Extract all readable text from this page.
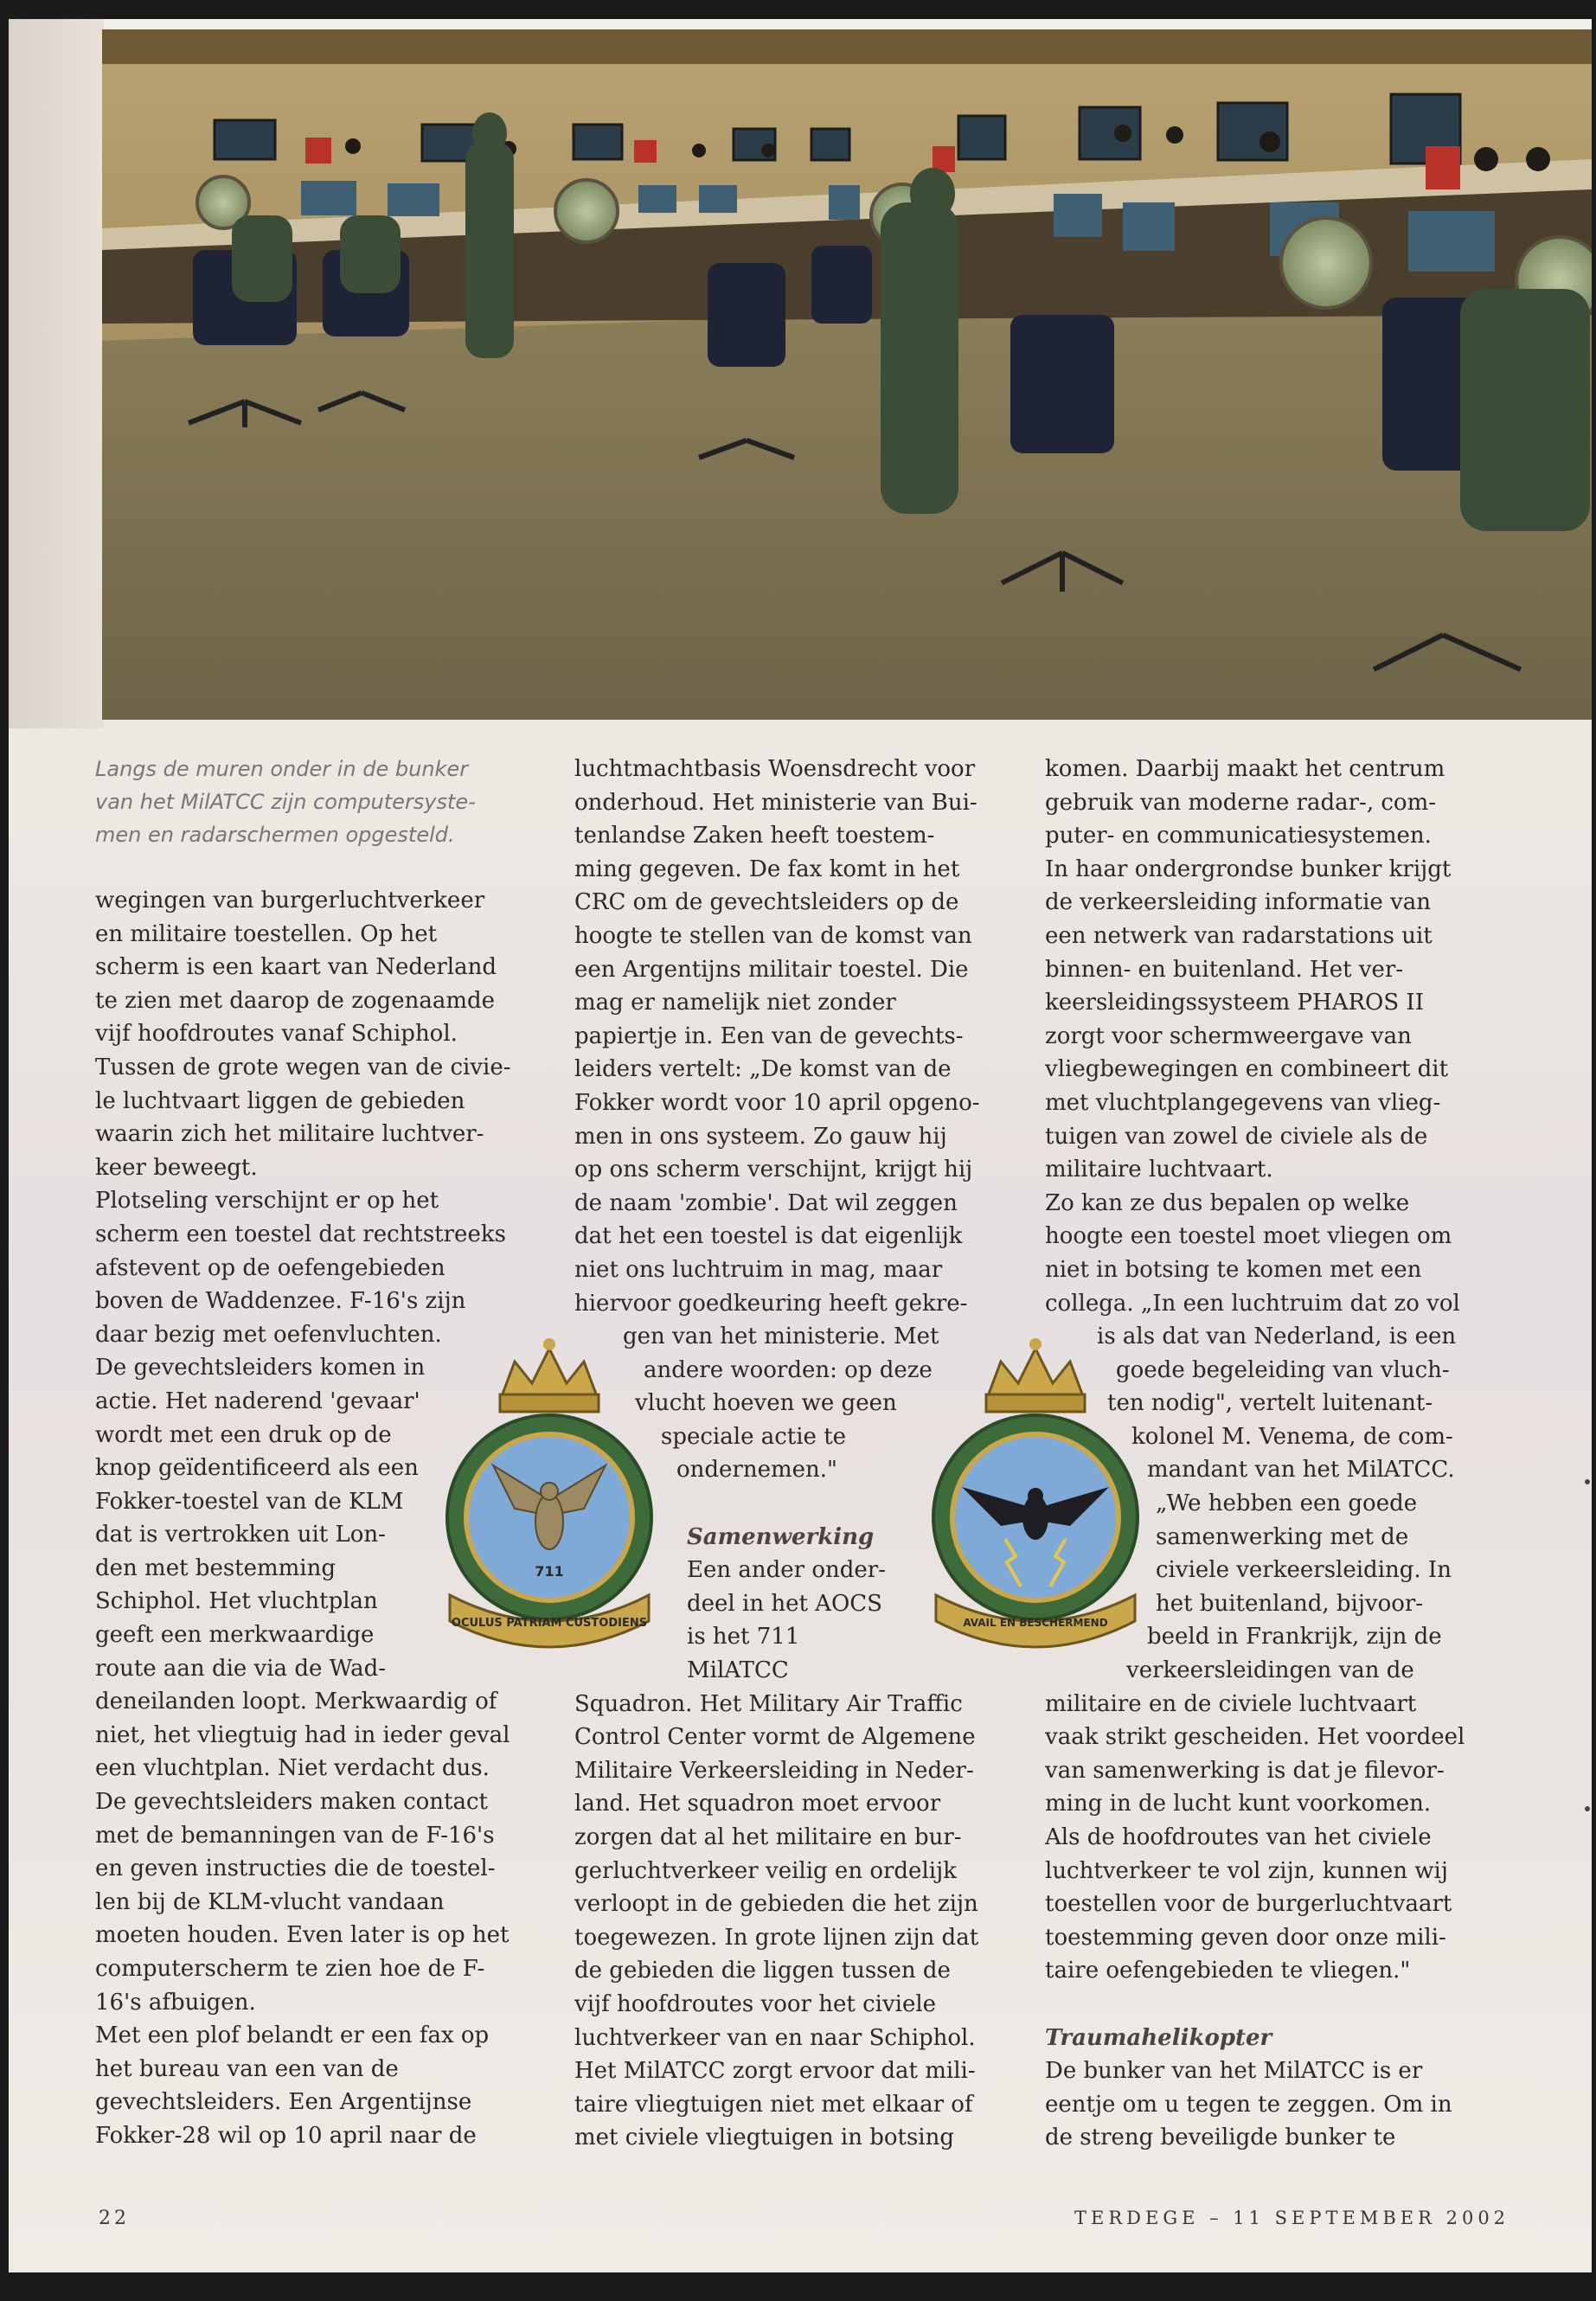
Langs de muren onder in de bunker
van het MilATCC zijn computersyste-
men en radarschermen opgesteld.

wegingen van burgerluchtverkeer

en militaire toestellen. Op het

scherm is een kaart van Nederland

te zien met daarop de zogenaamde

vijf hoofdroutes vanaf Schiphol.

Tussen de grote wegen van de civie-

le luchtvaart liggen de gebieden

waarin zich het militaire luchtver-

keer beweegt.

Plotseling verschijnt er op het

scherm een toestel dat rechtstreeks

afstevent op de oefengebieden

boven de Waddenzee. F-16's zijn

daar bezig met oefenvluchten.

De gevechtsleiders komen in

actie. Het naderend 'gevaar'

wordt met een druk op de

knop geïdentificeerd als een

Fokker-toestel van de KLM

dat is vertrokken uit Lon-

den met bestemming

Schiphol. Het vluchtplan

geeft een merkwaardige

route aan die via de Wad-

deneilanden loopt. Merkwaardig of

niet, het vliegtuig had in ieder geval

een vluchtplan. Niet verdacht dus.

De gevechtsleiders maken contact

met de bemanningen van de F-16's

en geven instructies die de toestel-

len bij de KLM-vlucht vandaan

moeten houden. Even later is op het

computerscherm te zien hoe de F-

16's afbuigen.

Met een plof belandt er een fax op

het bureau van een van de

gevechtsleiders. Een Argentijnse

Fokker-28 wil op 10 april naar de

luchtmachtbasis Woensdrecht voor

onderhoud. Het ministerie van Bui-

tenlandse Zaken heeft toestem-

ming gegeven. De fax komt in het

CRC om de gevechtsleiders op de

hoogte te stellen van de komst van

een Argentijns militair toestel. Die

mag er namelijk niet zonder

papiertje in. Een van de gevechts-

leiders vertelt: „De komst van de

Fokker wordt voor 10 april opgeno-

men in ons systeem. Zo gauw hij

op ons scherm verschijnt, krijgt hij

de naam 'zombie'. Dat wil zeggen

dat het een toestel is dat eigenlijk

niet ons luchtruim in mag, maar

hiervoor goedkeuring heeft gekre-

gen van het ministerie. Met

andere woorden: op deze

vlucht hoeven we geen

speciale actie te

ondernemen."

Samenwerking

Een ander onder-

deel in het AOCS

is het 711

MilATCC

Squadron. Het Military Air Traffic

Control Center vormt de Algemene

Militaire Verkeersleiding in Neder-

land. Het squadron moet ervoor

zorgen dat al het militaire en bur-

gerluchtverkeer veilig en ordelijk

verloopt in de gebieden die het zijn

toegewezen. In grote lijnen zijn dat

de gebieden die liggen tussen de

vijf hoofdroutes voor het civiele

luchtverkeer van en naar Schiphol.

Het MilATCC zorgt ervoor dat mili-

taire vliegtuigen niet met elkaar of

met civiele vliegtuigen in botsing

komen. Daarbij maakt het centrum

gebruik van moderne radar-, com-

puter- en communicatiesystemen.

In haar ondergrondse bunker krijgt

de verkeersleiding informatie van

een netwerk van radarstations uit

binnen- en buitenland. Het ver-

keersleidingssysteem PHAROS II

zorgt voor schermweergave van

vliegbewegingen en combineert dit

met vluchtplangegevens van vlieg-

tuigen van zowel de civiele als de

militaire luchtvaart.

Zo kan ze dus bepalen op welke

hoogte een toestel moet vliegen om

niet in botsing te komen met een

collega. „In een luchtruim dat zo vol

is als dat van Nederland, is een

goede begeleiding van vluch-

ten nodig", vertelt luitenant-

kolonel M. Venema, de com-

mandant van het MilATCC.

„We hebben een goede

samenwerking met de

civiele verkeersleiding. In

het buitenland, bijvoor-

beeld in Frankrijk, zijn de

verkeersleidingen van de

militaire en de civiele luchtvaart

vaak strikt gescheiden. Het voordeel

van samenwerking is dat je filevor-

ming in de lucht kunt voorkomen.

Als de hoofdroutes van het civiele

luchtverkeer te vol zijn, kunnen wij

toestellen voor de burgerluchtvaart

toestemming geven door onze mili-

taire oefengebieden te vliegen."

Traumahelikopter

De bunker van het MilATCC is er

eentje om u tegen te zeggen. Om in

de streng beveiligde bunker te

711
OCULUS PATRIAM CUSTODIENS	AVAIL EN BESCHERMEND
22	TERDEGE – 11 SEPTEMBER 2002
